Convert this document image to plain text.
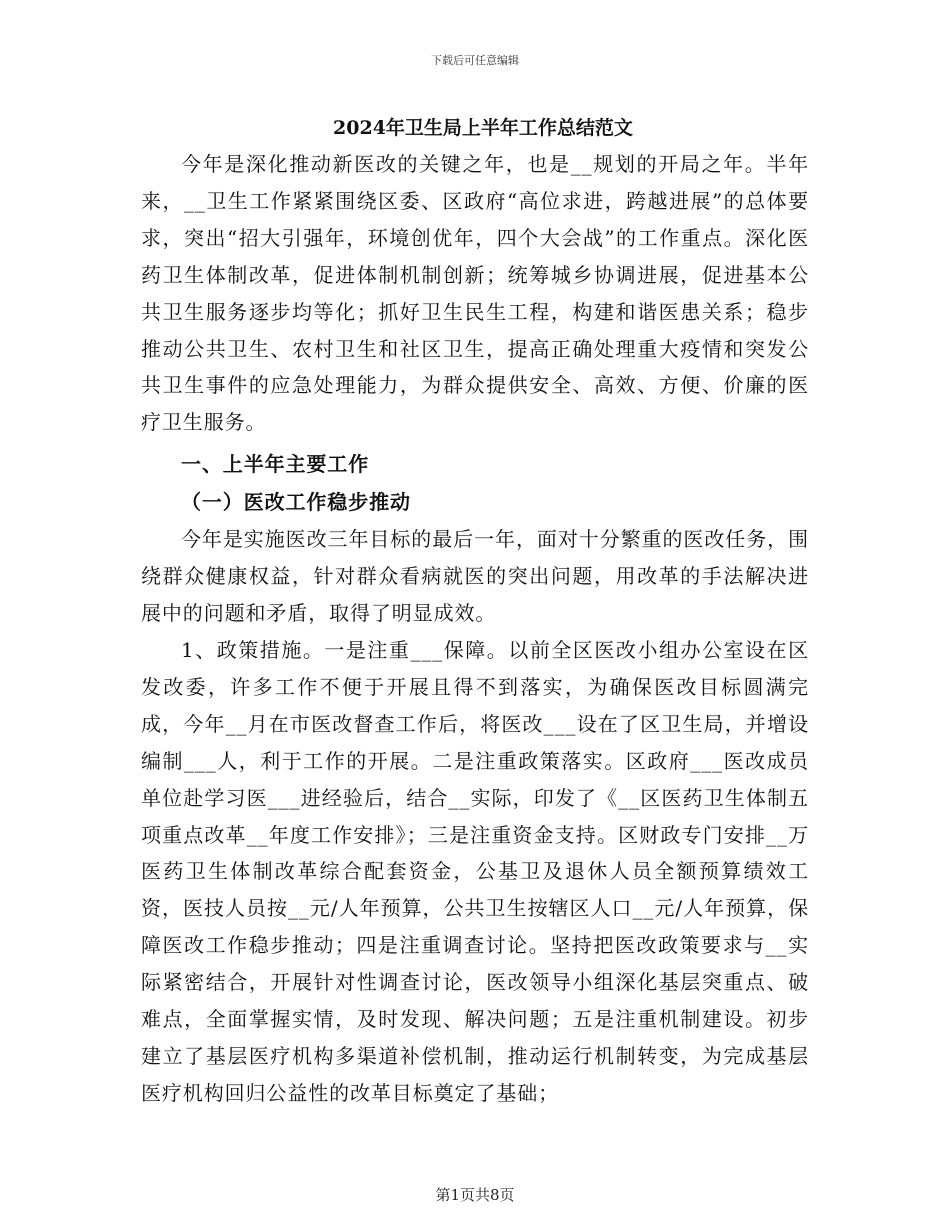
下载后可任意编辑
2024年卫生局上半年工作总结范文

今年是深化推动新医改的关键之年，也是__规划的开局之年。半年来，__卫生工作紧紧围绕区委、区政府“高位求进，跨越进展”的总体要求，突出“招大引强年，环境创优年，四个大会战”的工作重点。深化医药卫生体制改革，促进体制机制创新；统筹城乡协调进展，促进基本公共卫生服务逐步均等化；抓好卫生民生工程，构建和谐医患关系；稳步推动公共卫生、农村卫生和社区卫生，提高正确处理重大疫情和突发公共卫生事件的应急处理能力，为群众提供安全、高效、方便、价廉的医疗卫生服务。

一、上半年主要工作
（一）医改工作稳步推动

今年是实施医改三年目标的最后一年，面对十分繁重的医改任务，围绕群众健康权益，针对群众看病就医的突出问题，用改革的手法解决进展中的问题和矛盾，取得了明显成效。

1、政策措施。一是注重___保障。以前全区医改小组办公室设在区发改委，许多工作不便于开展且得不到落实，为确保医改目标圆满完成，今年__月在市医改督查工作后，将医改___设在了区卫生局，并增设编制___人，利于工作的开展。二是注重政策落实。区政府___医改成员单位赴学习医___进经验后，结合__实际，印发了《__区医药卫生体制五项重点改革__年度工作安排》；三是注重资金支持。区财政专门安排__万医药卫生体制改革综合配套资金，公基卫及退休人员全额预算绩效工资，医技人员按__元/人年预算，公共卫生按辖区人口__元/人年预算，保障医改工作稳步推动；四是注重调查讨论。坚持把医改政策要求与__实际紧密结合，开展针对性调查讨论，医改领导小组深化基层突重点、破难点，全面掌握实情，及时发现、解决问题；五是注重机制建设。初步建立了基层医疗机构多渠道补偿机制，推动运行机制转变，为完成基层医疗机构回归公益性的改革目标奠定了基础；

第1页共8页
